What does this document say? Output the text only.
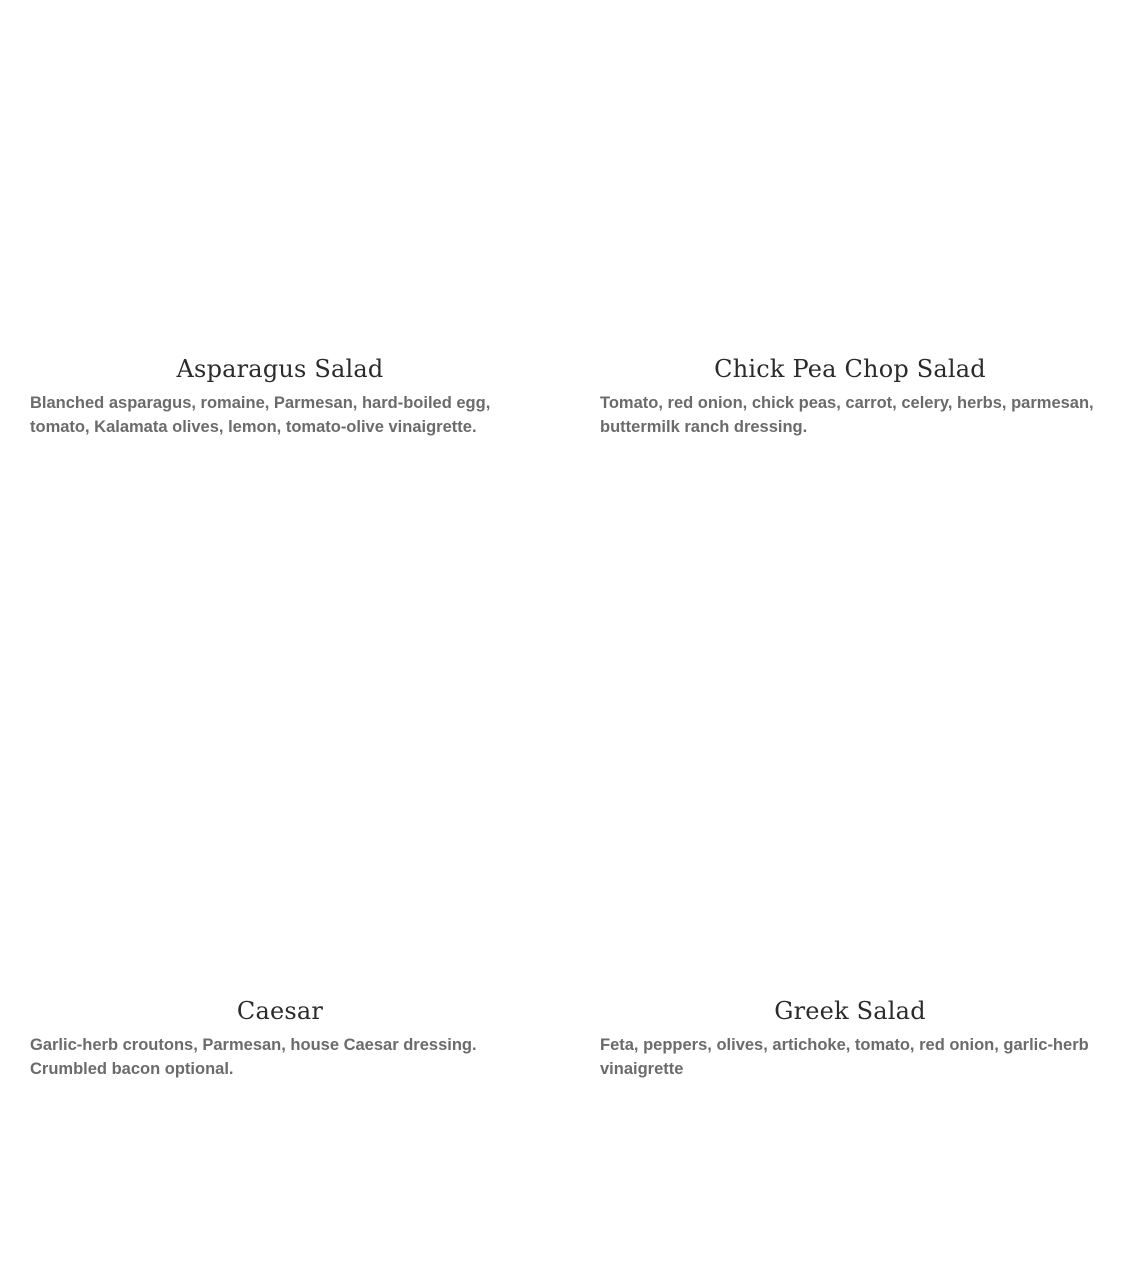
Asparagus Salad

Blanched asparagus, romaine, Parmesan, hard-boiled egg, tomato, Kalamata olives, lemon, tomato-olive vinaigrette.

Chick Pea Chop Salad

Tomato, red onion, chick peas, carrot, celery, herbs, parmesan, buttermilk ranch dressing.

Caesar

Garlic-herb croutons, Parmesan, house Caesar dressing. Crumbled bacon optional.

Greek Salad

Feta, peppers, olives, artichoke, tomato, red onion, garlic-herb vinaigrette
